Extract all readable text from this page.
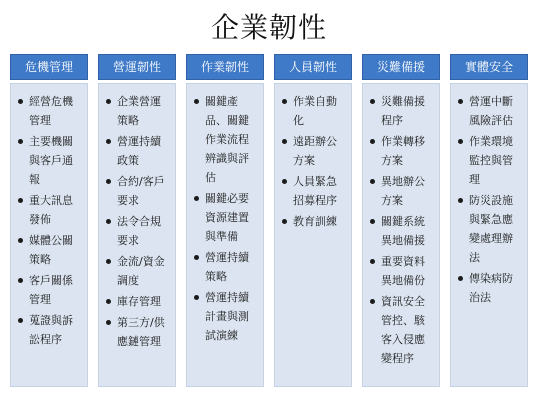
企業韌性
危機管理
經營危機管理
主要機關與客戶通報
重大訊息發佈
媒體公關策略
客戶關係管理
蒐證與訴訟程序
營運韌性
企業營運策略
營運持續政策
合約/客戶要求
法令合規要求
金流/資金調度
庫存管理
第三方/供應鏈管理
作業韌性
關鍵產品、關鍵作業流程辨識與評估
關鍵必要資源建置與準備
營運持續策略
營運持續計畫與測試演練
人員韌性
作業自動化
遠距辦公方案
人員緊急招募程序
教育訓練
災難備援
災難備援程序
作業轉移方案
異地辦公方案
關鍵系統異地備援
重要資料異地備份
資訊安全管控、駭客入侵應變程序
實體安全
營運中斷風險評估
作業環境監控與管理
防災設施與緊急應變處理辦法
傳染病防治法
